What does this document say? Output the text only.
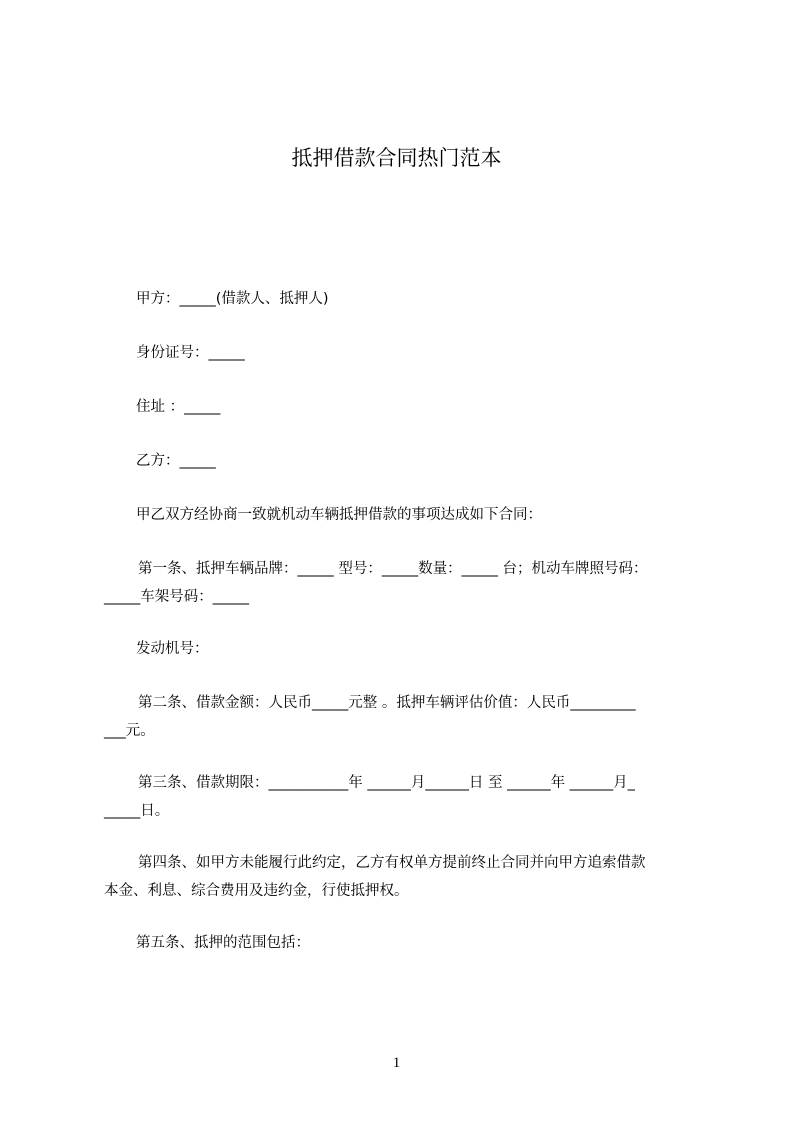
抵押借款合同热门范本
甲方：_____(借款人、抵押人)
身份证号：_____
住址 ：_____
乙方：_____
甲乙双方经协商一致就机动车辆抵押借款的事项达成如下合同：
第一条、抵押车辆品牌：_____ 型号：_____数量：_____ 台；机动车牌照号码：
_____车架号码：_____
发动机号：
第二条、借款金额：人民币_____元整 。抵押车辆评估价值：人民币_________
___元。
第三条、借款期限：___________年 ______月______日 至 ______年 ______月_
_____日。
第四条、如甲方未能履行此约定，乙方有权单方提前终止合同并向甲方追索借款
本金、利息、综合费用及违约金，行使抵押权。
第五条、抵押的范围包括：
1
